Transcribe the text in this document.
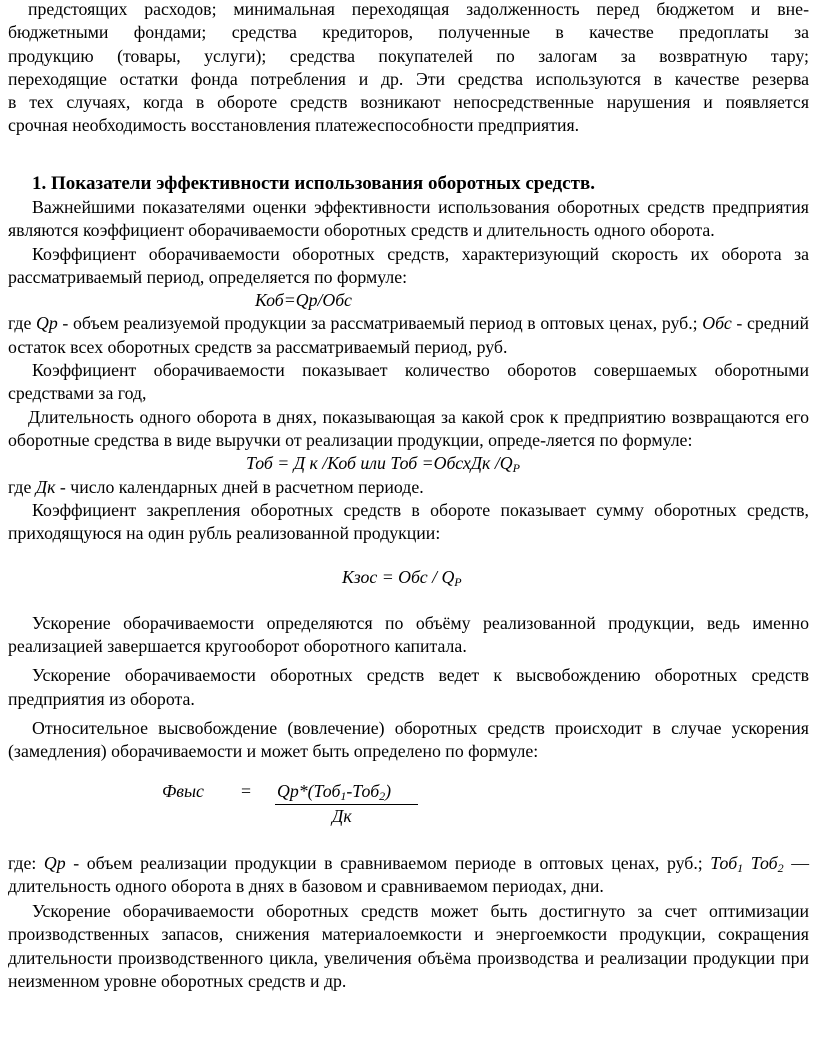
предстоящих расходов; минимальная переходящая задолженность перед бюджетом и вне-

бюджетными фондами; средства кредиторов, полученные в качестве предоплаты за

продукцию (товары, услуги); средства покупателей по залогам за возвратную тару;

переходящие остатки фонда потребления и др. Эти средства используются в качестве резерва

в тех случаях, когда в обороте средств возникают непосредственные нарушения и появляется

срочная необходимость восстановления платежеспособности предприятия.

1. Показатели эффективности использования оборотных средств.

Важнейшими показателями оценки эффективности использования оборотных средств предприятия являются коэффициент оборачиваемости оборотных средств и длительность одного оборота.

Коэффициент оборачиваемости оборотных средств, характеризующий скорость их оборота за рассматриваемый период, определяется по формуле:

Коб=Qр/Обс

где Qр - объем реализуемой продукции за рассматриваемый период в оптовых ценах, руб.; Обс - средний остаток всех оборотных средств за рассматриваемый период, руб.

Коэффициент оборачиваемости показывает количество оборотов совершаемых оборотными средствами за год,

Длительность одного оборота в днях, показывающая за какой срок к предприятию возвращаются его оборотные средства в виде выручки от реализации продукции, опреде-ляется по формуле:

Тоб = Д к /Коб или Тоб =ОбсхДк $/Q_Р$

где Дк - число календарных дней в расчетном периоде.

Коэффициент закрепления оборотных средств в обороте показывает сумму оборотных средств, приходящуюся на один рубль реализованной продукции:

Кзос = Обс / $Q_Р$

Ускорение оборачиваемости определяются по объёму реализованной продукции, ведь именно реализацией завершается кругооборот оборотного капитала.

Ускорение оборачиваемости оборотных средств ведет к высвобождению оборотных средств предприятия из оборота.

Относительное высвобождение (вовлечение) оборотных средств происходит в случае ускорения (замедления) оборачиваемости и может быть определено по формуле:

Фвыс = Qр*(Тоб$_1$-Тоб$_2$)
Дк

где: Qр - объем реализации продукции в сравниваемом периоде в оптовых ценах, руб.; Тоб$_1$ Тоб$_2$ — длительность одного оборота в днях в базовом и сравниваемом периодах, дни.

Ускорение оборачиваемости оборотных средств может быть достигнуто за счет оптимизации производственных запасов, снижения материалоемкости и энергоемкости продукции, сокращения длительности производственного цикла, увеличения объёма производства и реализации продукции при неизменном уровне оборотных средств и др.
